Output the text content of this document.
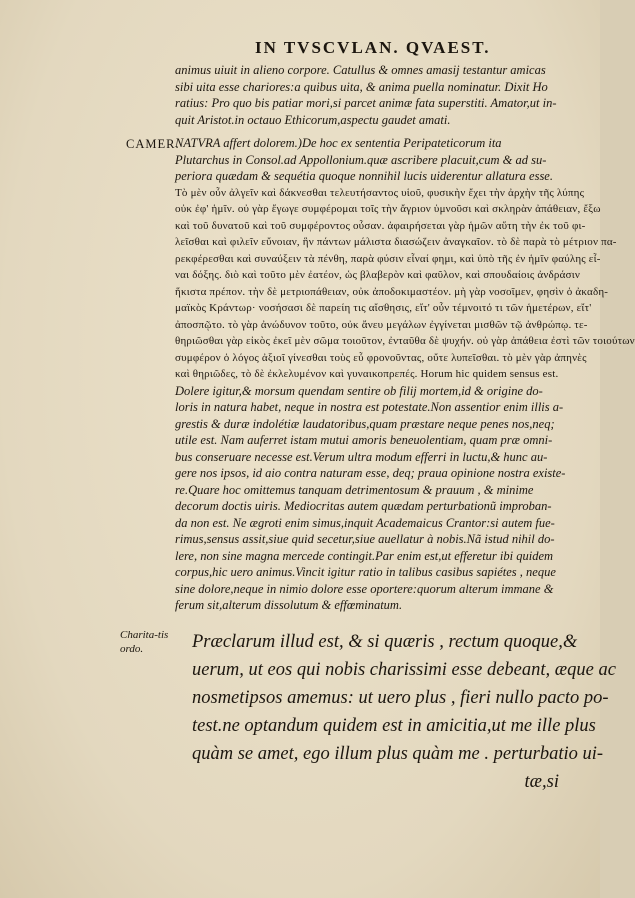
IN TVSCVLAN. QVAEST.
animus uiuit in alieno corpore. Catullus & omnes amasij testantur amicas
sibi uita esse chariores:a quibus uita, & anima puella nominatur. Dixit Ho
ratius: Pro quo bis patiar mori,si parcet animæ fata superstiti. Amator,ut in-
quit Aristot.in octauo Ethicorum,aspectu gaudet amati.
CAMER.
NATVRA affert dolorem.)De hoc ex sententia Peripateticorum ita
Plutarchus in Consol.ad Appollonium.quæ ascribere placuit,cum & ad su-
periora quædam & sequétia quoque nonnihil lucis uiderentur allatura esse.
Τὸ μὲν οὖν ἀλγεῖν καὶ δάκνεσθαι τελευτήσαντος υἱοῦ, φυσικὴν ἔχει τὴν ἀρχὴν τῆς λύπης
οὐκ ἐφ' ἡμῖν. οὐ γὰρ ἔγωγε συμφέρομαι τοῖς τὴν ἄγριον ὑμνοῦσι καὶ σκληρὰν ἀπάθειαν, ἔξω
καὶ τοῦ δυνατοῦ καὶ τοῦ συμφέροντος οὖσαν. ἀφαιρήσεται γὰρ ἡμῶν αὕτη τὴν ἐκ τοῦ φι-
λεῖσθαι καὶ φιλεῖν εὔνοιαν, ἣν πάντων μάλιστα διασώζειν ἀναγκαῖον. τὸ δὲ παρὰ τὸ μέτριον πα-
ρεκφέρεσθαι καὶ συναύξειν τὰ πένθη, παρὰ φύσιν εἶναί φημι, καὶ ὑπὸ τῆς ἐν ἡμῖν φαύλης εἶ-
ναι δόξης. διὸ καὶ τοῦτο μὲν ἐατέον, ὡς βλαβερὸν καὶ φαῦλον, καὶ σπουδαίοις ἀνδράσιν
ἥκιστα πρέπον. τὴν δὲ μετριοπάθειαν, οὐκ ἀποδοκιμαστέον. μὴ γὰρ νοσοῖμεν, φησὶν ὁ ἀκαδη-
μαϊκὸς Κράντωρ· νοσήσασι δὲ παρείη τις αἴσθησις, εἴτ' οὖν τέμνοιτό τι τῶν ἡμετέρων, εἴτ'
ἀποσπῷτο. τὸ γὰρ ἀνώδυνον τοῦτο, οὐκ ἄνευ μεγάλων ἐγγίνεται μισθῶν τῷ ἀνθρώπῳ. τε-
θηριῶσθαι γὰρ εἰκὸς ἐκεῖ μὲν σῶμα τοιοῦτον, ἐνταῦθα δὲ ψυχήν. οὐ γὰρ ἀπάθεια ἐστὶ τῶν τοιούτων
συμφέρον ὁ λόγος ἀξιοῖ γίνεσθαι τοὺς εὖ φρονοῦντας, οὔτε λυπεῖσθαι. τὸ μὲν γὰρ ἀπηνὲς
καὶ θηριῶδες, τὸ δὲ ἐκλελυμένον καὶ γυναικοπρεπές. Horum hic quidem sensus est.
Dolere igitur,& morsum quendam sentire ob filij mortem,id & origine do-
loris in natura habet, neque in nostra est potestate.Non assentior enim illis a-
grestis & duræ indolétiæ laudatoribus,quam præstare neque penes nos,neq;
utile est. Nam auferret istam mutui amoris beneuolentiam, quam præ omni-
bus conseruare necesse est.Verum ultra modum efferri in luctu,& hunc au-
gere nos ipsos, id aio contra naturam esse, deq; praua opinione nostra existe-
re.Quare hoc omittemus tanquam detrimentosum & prauum , & minime
decorum doctis uiris. Mediocritas autem quædam perturbationũ improban-
da non est. Ne ægroti enim simus,inquit Academaicus Crantor:si autem fue-
rimus,sensus assit,siue quid secetur,siue auellatur à nobis.Nã istud nihil do-
lere, non sine magna mercede contingit.Par enim est,ut efferetur ibi quidem
corpus,hic uero animus.Vincit igitur ratio in talibus casibus sapiétes , neque
sine dolore,neque in nimio dolore esse oportere:quorum alterum immane &
ferum sit,alterum dissolutum & effœminatum.
Charita-tis ordo.	Præclarum illud est, & si quæris , rectum quoque,&
uerum, ut eos qui nobis charissimi esse debeant, æque ac
nosmetipsos amemus: ut uero plus , fieri nullo pacto po-
test.ne optandum quidem est in amicitia,ut me ille plus
quàm se amet, ego illum plus quàm me . perturbatio ui-
tæ,si
